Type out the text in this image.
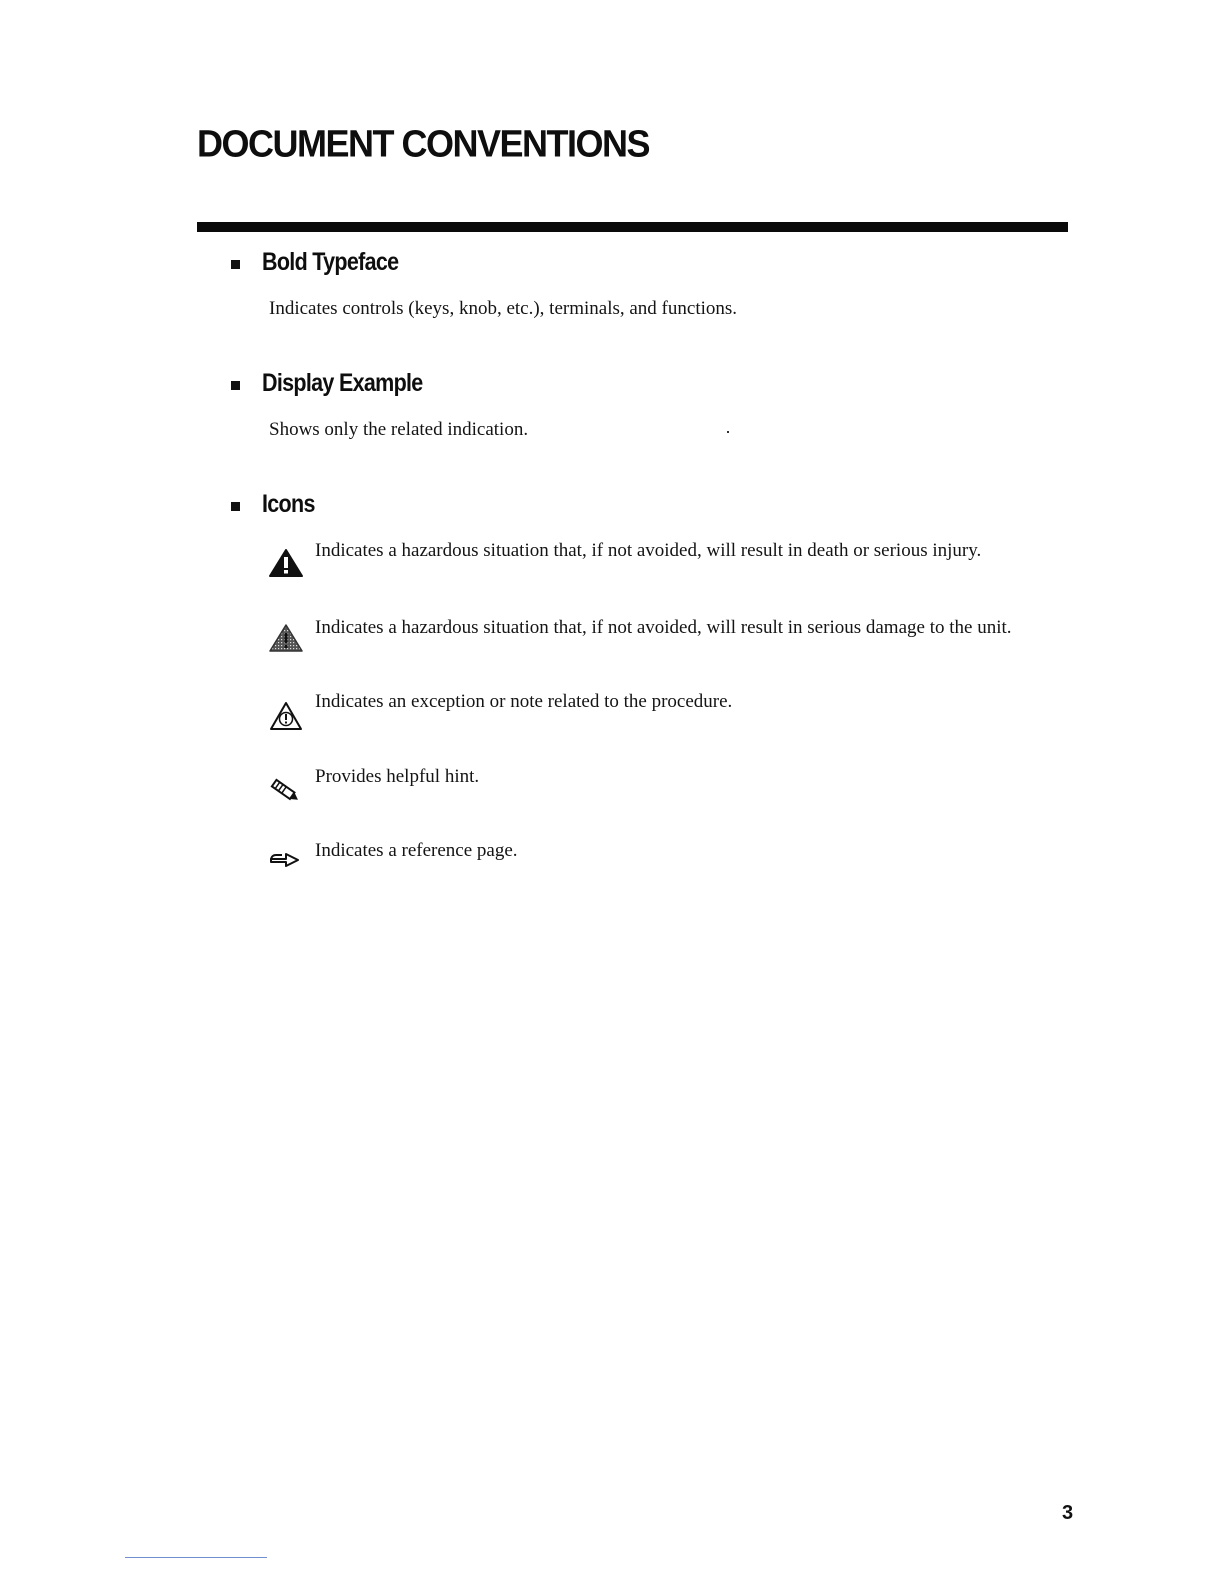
DOCUMENT CONVENTIONS
Bold Typeface

Indicates controls (keys, knob, etc.), terminals, and functions.

Display Example

Shows only the related indication.

Icons

Indicates a hazardous situation that, if not avoided, will result in death or serious injury.

Indicates a hazardous situation that, if not avoided, will result in serious damage to the unit.

Indicates an exception or note related to the procedure.

Provides helpful hint.

Indicates a reference page.

3
